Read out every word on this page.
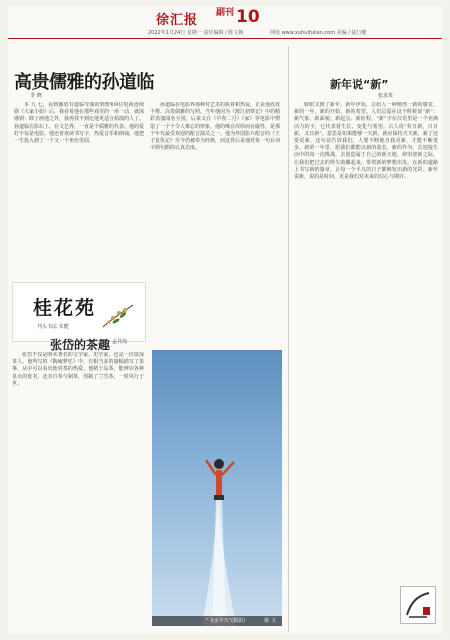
徐汇报 副刊 10
2022年1月24日 星期一 责任编辑 / 陈文枫	网址 www.xuhuifukan.com 美编 / 陆行健
高贵儒雅的孙道临
李 晓
本 九 七，看到播放有道临导演的到赞和9位电视连续剧《大家小姐》后，我看着他在那些戏里的一举一动，就深感到：除了画他之外，我再找不到比他更适合拍演的人了。孙道临在影坛上、在文艺界，一直是个儒雅的代表。他的爱好不仅是电影，他还喜欢读书写字，热爱音乐和朗诵，他把一生投入到了一个又一个角色里面。
孙道临在电影界那种对艺术的执着和热爱，正是他孜孜不倦、高贵儒雅的写照。当年他因为《渡江侦察记》中的精彩表演闻名全国，后来又在《早春二月》《家》等电影中塑造了一个个令人难忘的形象。他的嗓音浑厚而有磁性，是那个年代最受欢迎的配音演员之一。他为外国影片配音的《王子复仇记》至今仍被奉为经典，而这背后是他对每一句台词字斟句酌的认真态度。
桂花苑
刊头书法 朱健
张岱的茶趣 孟祥海
张岱不仅是明末著名的文学家、史学家，也是一位资深茶人。他所写的《陶庵梦忆》中，有相当多的篇幅描写了茶事，从中可以看出他对茶的热爱。他精于品茶，能辨识各种泉水的优劣，还亲自参与制茶，创制了兰雪茶，一时风行于世。
“飞水半天”(摄影)	陈 文
新年说“新”
张求贵
转眼又到了新年。新年伊始，总给人一种焕然一新的感觉。新的一年，新的开始，新的希望。人们总爱在这个时候说“新”：新气象、新面貌、新起点、新征程。“新”字在汉语里是一个充满活力的字，它代表着生长、变化与希望。古人说“苟日新，日日新，又日新”，意思是如果能够一天新，就应保持天天新，新了还要更新。这句话告诉我们，人要不断地自我更新，才能不断进步。新的一年里，愿我们都能以新的姿态、新的作为，去迎接生活中的每一次挑战，去创造属于自己的新天地。辞旧迎新之际，让我们把过去的得失收藏起来，带着新的梦想出发，在新的道路上书写新的篇章，让每一个平凡的日子都焕发出新的光彩。新年说新，说的是时间，更是我们对未来的信心与期许。
